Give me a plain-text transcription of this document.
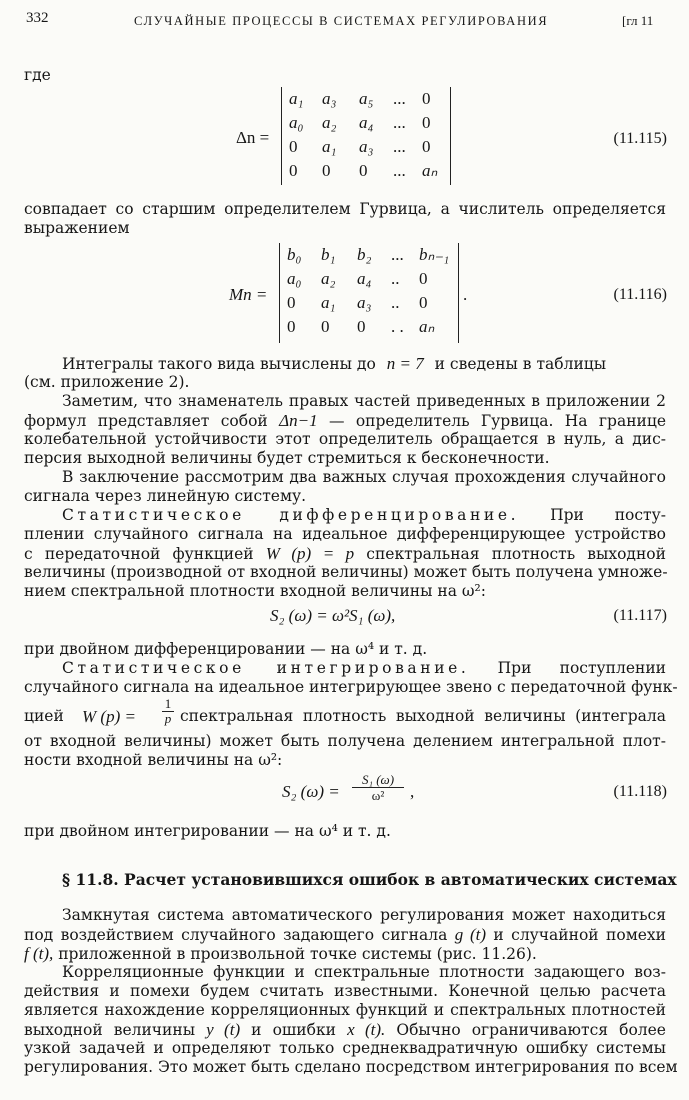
332	СЛУЧАЙНЫЕ ПРОЦЕССЫ В СИСТЕМАХ РЕГУЛИРОВАНИЯ	[гл 11
где
Δn =
a₁ a₃ a₅ ... 0
a₀ a₂ a₄ ... 0
0 a₁ a₃ ... 0
0 0 0 ... aₙ
(11.115)
совпадает со старшим определителем Гурвица, а числитель определяется
выражением
Mn =
b₀ b₁ b₂ ... bₙ₋₁
a₀ a₂ a₄ .. 0
0 a₁ a₃ .. 0
0 0 0 . . aₙ
.	(11.116)
Интегралы такого вида вычислены до n = 7 и сведены в таблицы
(см. приложение 2).
Заметим, что знаменатель правых частей приведенных в приложении 2
формул представляет собой Δn−1 — определитель Гурвица. На границе
колебательной устойчивости этот определитель обращается в нуль, а дис-
персия выходной величины будет стремиться к бесконечности.
В заключение рассмотрим два важных случая прохождения случайного
сигнала через линейную систему.
Статистическое дифференцирование. При посту-
плении случайного сигнала на идеальное дифференцирующее устройство
с передаточной функцией W (p) = p спектральная плотность выходной
величины (производной от входной величины) может быть получена умноже-
нием спектральной плотности входной величины на ω²:
S₂ (ω) = ω²S₁ (ω),	(11.117)
при двойном дифференцировании — на ω⁴ и т. д.
Статистическое интегрирование. При поступлении
случайного сигнала на идеальное интегрирующее звено с передаточной функ-
цией W (p) =
1
p спектральная плотность выходной величины (интеграла
от входной величины) может быть получена делением интегральной плот-
ности входной величины на ω²:
S₂ $(\omega) = \frac{\text{S₁ (ω)}}{\text{ω²}}$ ,	(11.118)
при двойном интегрировании — на ω⁴ и т. д.
§ 11.8. Расчет установившихся ошибок в автоматических системах
Замкнутая система автоматического регулирования может находиться
под воздействием случайного задающего сигнала g (t) и случайной помехи
f (t), приложенной в произвольной точке системы (рис. 11.26).
Корреляционные функции и спектральные плотности задающего воз-
действия и помехи будем считать известными. Конечной целью расчета
является нахождение корреляционных функций и спектральных плотностей
выходной величины y (t) и ошибки x (t). Обычно ограничиваются более
узкой задачей и определяют только среднеквадратичную ошибку системы
регулирования. Это может быть сделано посредством интегрирования по всем
